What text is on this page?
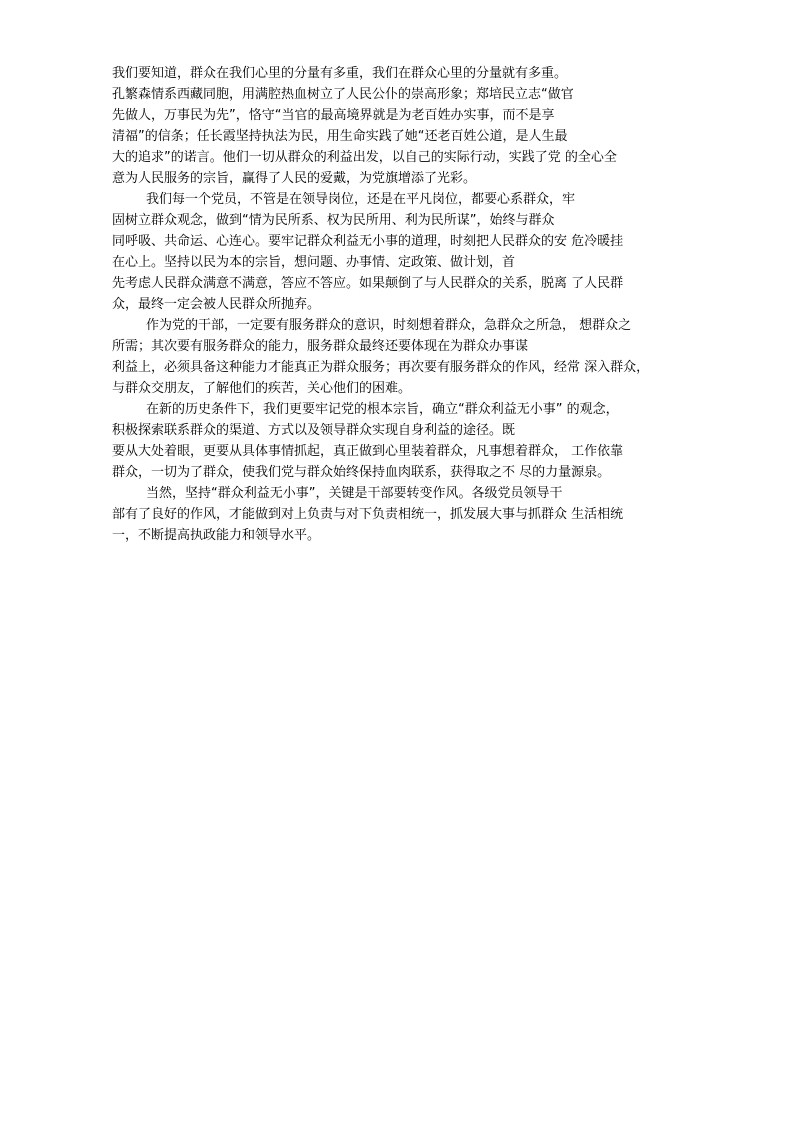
我们要知道，群众在我们心里的分量有多重，我们在群众心里的分量就有多重。
孔繁森情系西藏同胞，用满腔热血树立了人民公仆的崇高形象；郑培民立志“做官
先做人，万事民为先”，恪守“当官的最高境界就是为老百姓办实事，而不是享
清福”的信条；任长霞坚持执法为民，用生命实践了她“还老百姓公道，是人生最
大的追求”的诺言。他们一切从群众的利益出发，以自己的实际行动，实践了党 的全心全
意为人民服务的宗旨，赢得了人民的爱戴，为党旗增添了光彩。
我们每一个党员，不管是在领导岗位，还是在平凡岗位，都要心系群众，牢
固树立群众观念，做到“情为民所系、权为民所用、利为民所谋”，始终与群众
同呼吸、共命运、心连心。要牢记群众利益无小事的道理，时刻把人民群众的安 危冷暖挂
在心上。坚持以民为本的宗旨，想问题、办事情、定政策、做计划，首
先考虑人民群众满意不满意，答应不答应。如果颠倒了与人民群众的关系，脱离 了人民群
众，最终一定会被人民群众所抛弃。
作为党的干部，一定要有服务群众的意识，时刻想着群众，急群众之所急， 想群众之
所需；其次要有服务群众的能力，服务群众最终还要体现在为群众办事谋
利益上，必须具备这种能力才能真正为群众服务；再次要有服务群众的作风，经常 深入群众，
与群众交朋友，了解他们的疾苦，关心他们的困难。
在新的历史条件下，我们更要牢记党的根本宗旨，确立“群众利益无小事” 的观念，
积极探索联系群众的渠道、方式以及领导群众实现自身利益的途径。既
要从大处着眼，更要从具体事情抓起，真正做到心里装着群众，凡事想着群众， 工作依靠
群众，一切为了群众，使我们党与群众始终保持血肉联系，获得取之不 尽的力量源泉。
当然，坚持“群众利益无小事”，关键是干部要转变作风。各级党员领导干
部有了良好的作风，才能做到对上负责与对下负责相统一，抓发展大事与抓群众 生活相统
一，不断提高执政能力和领导水平。
